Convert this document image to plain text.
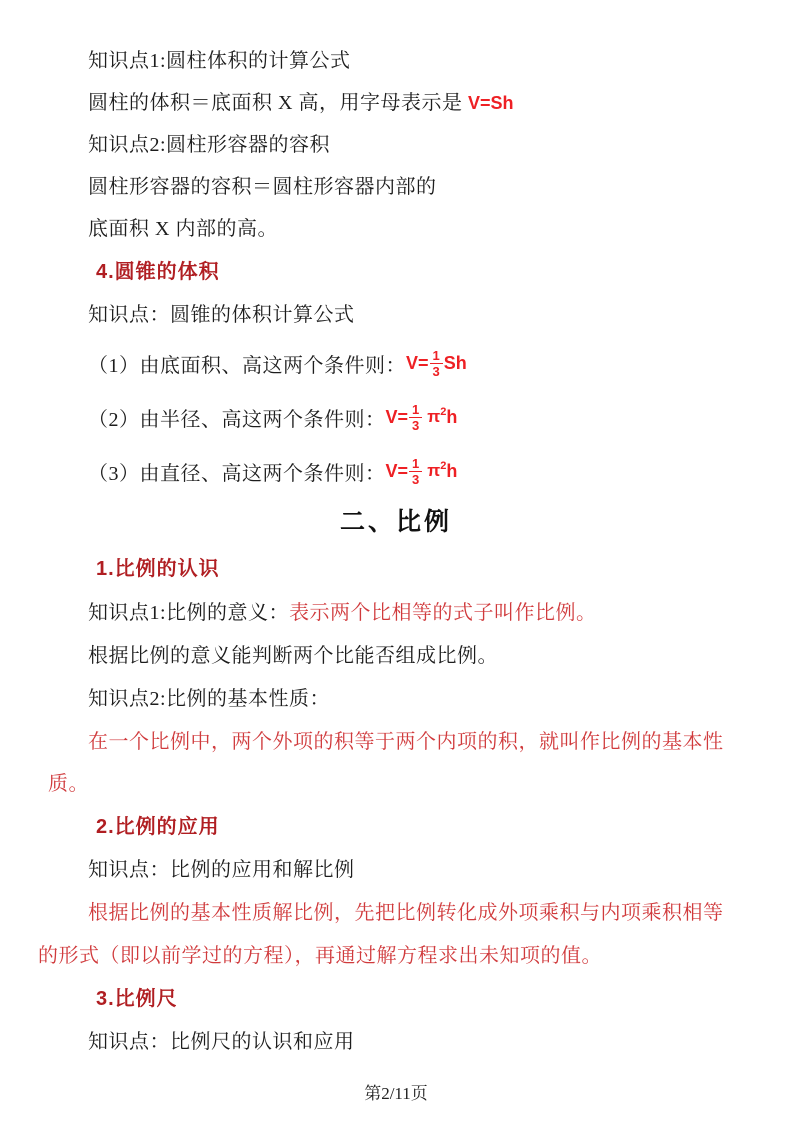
知识点1:圆柱体积的计算公式

圆柱的体积＝底面积 X 高，用字母表示是 V=Sh

知识点2:圆柱形容器的容积

圆柱形容器的容积＝圆柱形容器内部的

底面积 X 内部的高。

4.圆锥的体积

知识点：圆锥的体积计算公式

（1）由底面积、高这两个条件则： $V= \frac{1}{3}$ Sh

（2）由半径、高这两个条件则： $V= \frac{1}{3} \pi^2$ h

（3）由直径、高这两个条件则： $V= \frac{1}{3} \pi^2$ h

二、比例
1.比例的认识

知识点1:比例的意义：表示两个比相等的式子叫作比例。

根据比例的意义能判断两个比能否组成比例。

知识点2:比例的基本性质：

在一个比例中，两个外项的积等于两个内项的积，就叫作比例的基本性

质。

2.比例的应用

知识点：比例的应用和解比例

根据比例的基本性质解比例，先把比例转化成外项乘积与内项乘积相等

的形式（即以前学过的方程），再通过解方程求出未知项的值。

3.比例尺

知识点：比例尺的认识和应用

第2/11页
